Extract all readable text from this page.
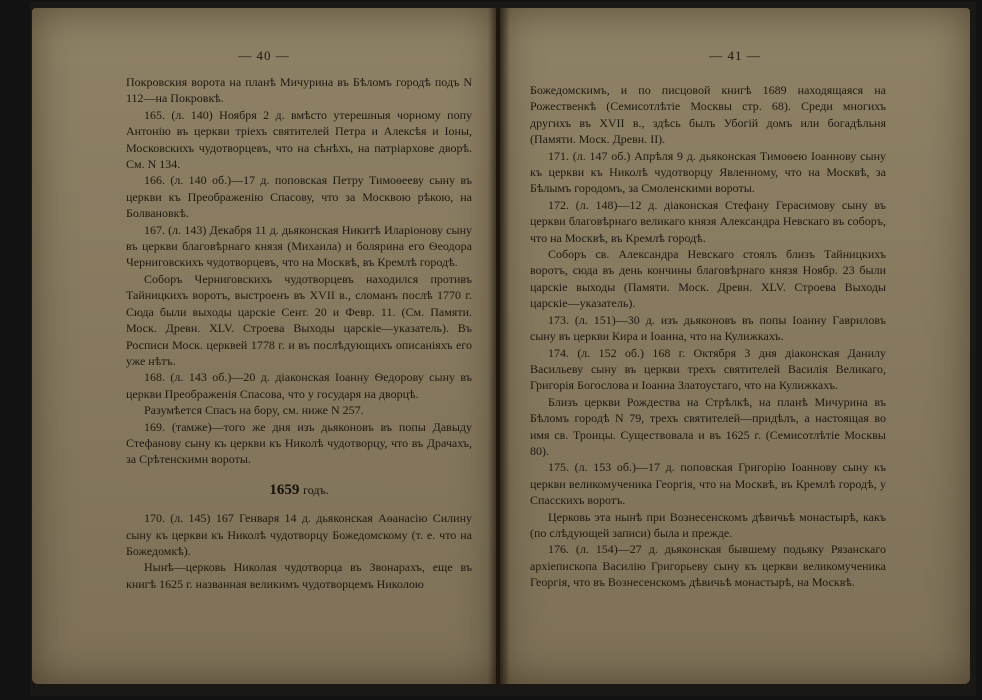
— 40 —

Покровския ворота на планѣ Мичурина въ Бѣломъ городѣ подъ N 112—на Покровкѣ.

165. (л. 140) Ноября 2 д. вмѣсто утерешныя чорному попу Антонію въ церкви трiехъ святителей Петра и Алексѣя и Іоны, Московскихъ чудотворцевъ, что на сѣнѣхъ, на патріархове дворѣ. См. N 134.

166. (л. 140 об.)—17 д. поповская Петру Тимоѳееву сыну въ церкви къ Преображенію Спасову, что за Москвою рѣкою, на Болвановкѣ.

167. (л. 143) Декабря 11 д. дьяконская Никитѣ Иларіонову сыну въ церкви благовѣрнаго князя (Михаила) и болярина его Ѳеодора Черниговскихъ чудотворцевъ, что на Москвѣ, въ Кремлѣ городѣ.

Соборъ Черниговскихъ чудотворцевъ находился противъ Тайницкихъ воротъ, выстроенъ въ XVII в., сломанъ послѣ 1770 г. Сюда были выходы царскіе Сент. 20 и Февр. 11. (См. Памяти. Моск. Древн. XLV. Строева Выходы царскіе—указатель). Въ Росписи Моск. церквей 1778 г. и въ послѣдующихъ описаніяхъ его уже нѣтъ.

168. (л. 143 об.)—20 д. діаконская Іоанну Ѳедорову сыну въ церкви Преображенія Спасова, что у государя на дворцѣ.

Разумѣется Спасъ на бору, см. ниже N 257.

169. (тамже)—того же дня изъ дьяконовъ въ попы Давыду Стефанову сыну къ церкви къ Николѣ чудотворцу, что въ Драчахъ, за Срѣтенскими вороты.

1659 годъ.

170. (л. 145) 167 Генваря 14 д. дьяконская Аѳанасію Силину сыну къ церкви къ Николѣ чудотворцу Божедомскому (т. е. что на Божедомкѣ).

Нынѣ—церковь Николая чудотворца въ Звонарахъ, еще въ книгѣ 1625 г. названная великимъ чудотворцемъ Николою

— 41 —

Божедомскимъ, и по писцовой книгѣ 1689 находящаяся на Рожественкѣ (Семисотлѣтіе Москвы стр. 68). Среди многихъ другихъ въ XVII в., здѣсь былъ Убогій домъ или богадѣльня (Памяти. Моск. Древн. II).

171. (л. 147 об.) Апрѣля 9 д. дьяконская Тимоѳею Іоаннову сыну къ церкви къ Николѣ чудотворцу Явленному, что на Москвѣ, за Бѣлымъ городомъ, за Смоленскими вороты.

172. (л. 148)—12 д. діаконская Стефану Герасимову сыну въ церкви благовѣрнаго великаго князя Александра Невскаго въ соборъ, что на Москвѣ, въ Кремлѣ городѣ.

Соборъ св. Александра Невскаго стоялъ близъ Тайницкихъ воротъ, сюда въ день кончины благовѣрнаго князя Ноябр. 23 были царскіе выходы (Памяти. Моск. Древн. XLV. Строева Выходы царскіе—указатель).

173. (л. 151)—30 д. изъ дьяконовъ въ попы Іоанну Гавриловъ сыну въ церкви Кира и Іоанна, что на Кулижкахъ.

174. (л. 152 об.) 168 г. Октября 3 дня діаконская Данилу Васильеву сыну въ церкви трехъ святителей Василія Великаго, Григорія Богослова и Іоанна Златоустаго, что на Кулижкахъ.

Близъ церкви Рождества на Стрѣлкѣ, на планѣ Мичурина въ Бѣломъ городѣ N 79, трехъ святителей—придѣлъ, а настоящая во имя св. Троицы. Существовала и въ 1625 г. (Семисотлѣтіе Москвы 80).

175. (л. 153 об.)—17 д. поповская Григорію Іоаннову сыну къ церкви великомученика Георгія, что на Москвѣ, въ Кремлѣ городѣ, у Спасскихъ воротъ.

Церковь эта нынѣ при Вознесенскомъ дѣвичьѣ монастырѣ, какъ (по слѣдующей записи) была и прежде.

176. (л. 154)—27 д. дьяконская бывшему подьяку Рязанскаго архіепископа Василію Григорьеву сыну къ церкви великомученика Георгія, что въ Вознесенскомъ дѣвичьѣ монастырѣ, на Москвѣ.
